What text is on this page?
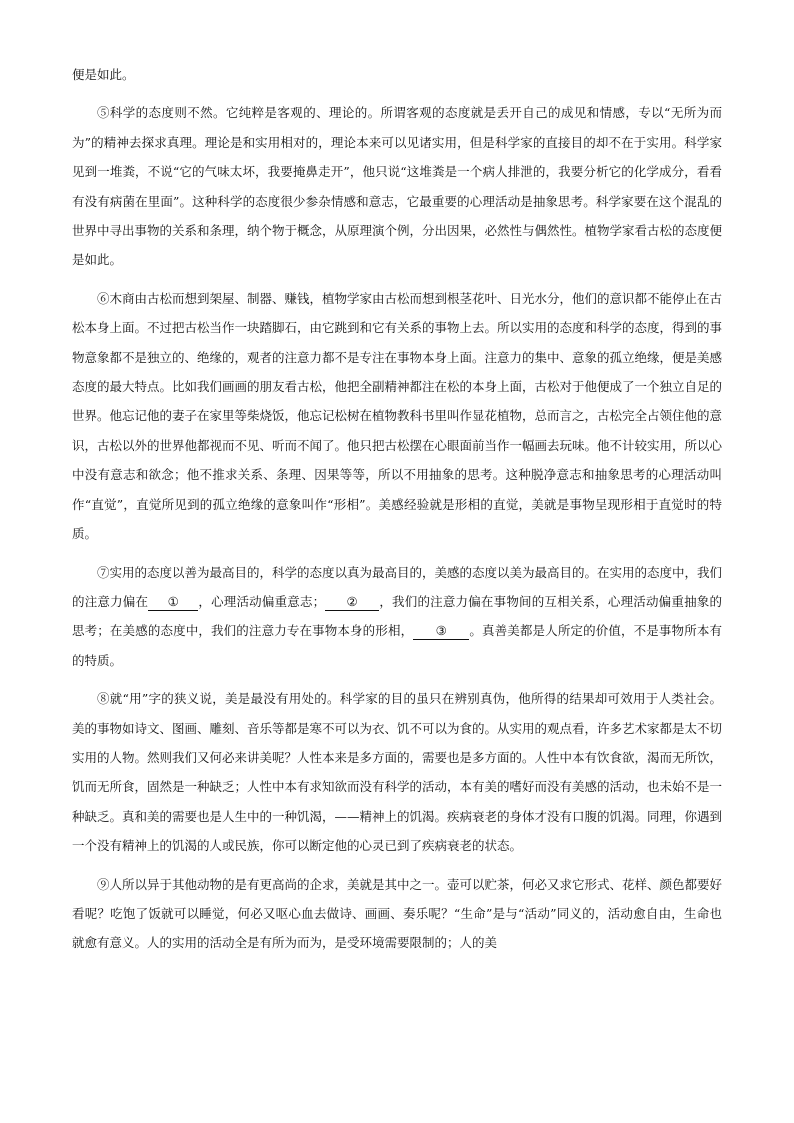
便是如此。

⑤科学的态度则不然。它纯粹是客观的、理论的。所谓客观的态度就是丢开自己的成见和情感，专以“无所为而为”的精神去探求真理。理论是和实用相对的，理论本来可以见诸实用，但是科学家的直接目的却不在于实用。科学家见到一堆粪，不说“它的气味太坏，我要掩鼻走开”，他只说“这堆粪是一个病人排泄的，我要分析它的化学成分，看看有没有病菌在里面”。这种科学的态度很少参杂情感和意志，它最重要的心理活动是抽象思考。科学家要在这个混乱的世界中寻出事物的关系和条理，纳个物于概念，从原理演个例，分出因果，必然性与偶然性。植物学家看古松的态度便是如此。

⑥木商由古松而想到架屋、制器、赚钱，植物学家由古松而想到根茎花叶、日光水分，他们的意识都不能停止在古松本身上面。不过把古松当作一块踏脚石，由它跳到和它有关系的事物上去。所以实用的态度和科学的态度，得到的事物意象都不是独立的、绝缘的，观者的注意力都不是专注在事物本身上面。注意力的集中、意象的孤立绝缘，便是美感态度的最大特点。比如我们画画的朋友看古松，他把全副精神都注在松的本身上面，古松对于他便成了一个独立自足的世界。他忘记他的妻子在家里等柴烧饭，他忘记松树在植物教科书里叫作显花植物，总而言之，古松完全占领住他的意识，古松以外的世界他都视而不见、听而不闻了。他只把古松摆在心眼面前当作一幅画去玩味。他不计较实用，所以心中没有意志和欲念；他不推求关系、条理、因果等等，所以不用抽象的思考。这种脱净意志和抽象思考的心理活动叫作“直觉”，直觉所见到的孤立绝缘的意象叫作“形相”。美感经验就是形相的直觉，美就是事物呈现形相于直觉时的特质。

⑦实用的态度以善为最高目的，科学的态度以真为最高目的，美感的态度以美为最高目的。在实用的态度中，我们的注意力偏在 ① ，心理活动偏重意志； ② ，我们的注意力偏在事物间的互相关系，心理活动偏重抽象的思考；在美感的态度中，我们的注意力专在事物本身的形相， ③ 。真善美都是人所定的价值，不是事物所本有的特质。

⑧就“用”字的狭义说，美是最没有用处的。科学家的目的虽只在辨别真伪，他所得的结果却可效用于人类社会。美的事物如诗文、图画、雕刻、音乐等都是寒不可以为衣、饥不可以为食的。从实用的观点看，许多艺术家都是太不切实用的人物。然则我们又何必来讲美呢？人性本来是多方面的，需要也是多方面的。人性中本有饮食欲，渴而无所饮，饥而无所食，固然是一种缺乏；人性中本有求知欲而没有科学的活动，本有美的嗜好而没有美感的活动，也未始不是一种缺乏。真和美的需要也是人生中的一种饥渴，——精神上的饥渴。疾病衰老的身体才没有口腹的饥渴。同理，你遇到一个没有精神上的饥渴的人或民族，你可以断定他的心灵已到了疾病衰老的状态。

⑨人所以异于其他动物的是有更高尚的企求，美就是其中之一。壶可以贮茶，何必又求它形式、花样、颜色都要好看呢？吃饱了饭就可以睡觉，何必又呕心血去做诗、画画、奏乐呢？“生命”是与“活动”同义的，活动愈自由，生命也就愈有意义。人的实用的活动全是有所为而为，是受环境需要限制的；人的美
